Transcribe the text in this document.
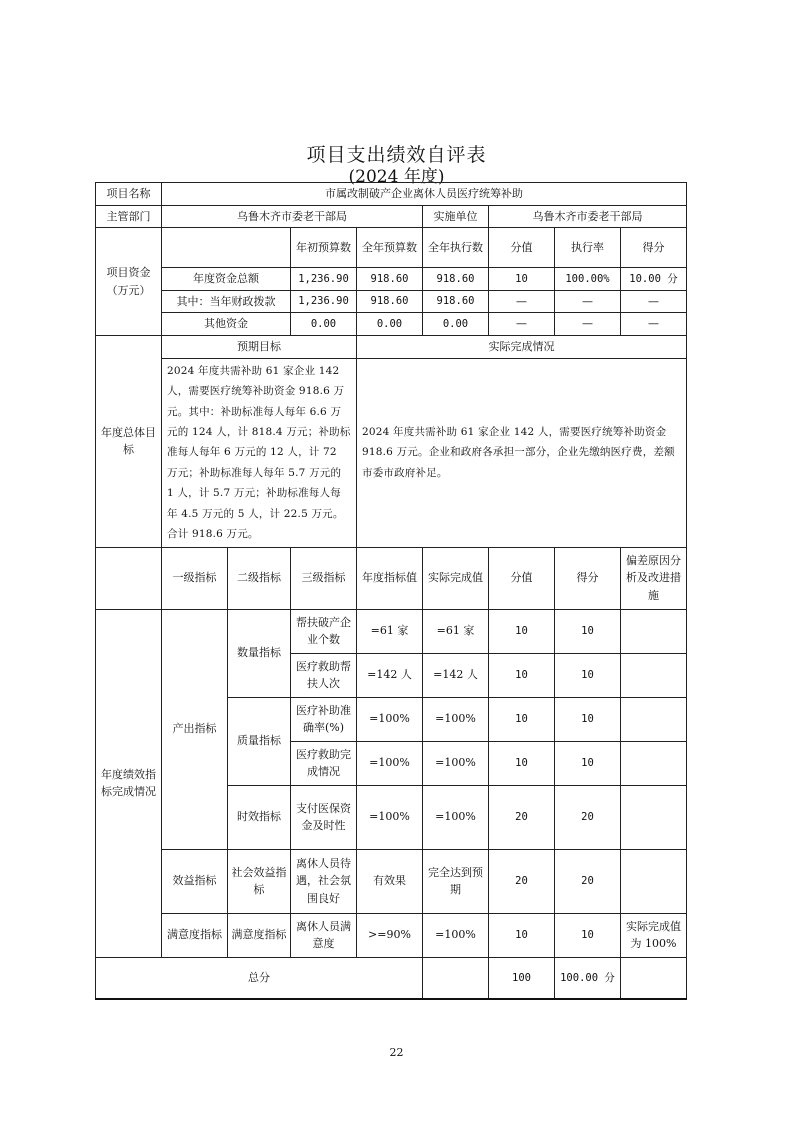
项目支出绩效自评表
(2024 年度)
项目名称	市属改制破产企业离休人员医疗统筹补助							
主管部门	乌鲁木齐市委老干部局				实施单位	乌鲁木齐市委老干部局		
项目资金（万元）			年初预算数	全年预算数	全年执行数	分值	执行率	得分
	年度资金总额		1,236.90	918.60	918.60	10	100.00%	10.00 分
	其中：当年财政拨款		1,236.90	918.60	918.60	—	—	—
	其他资金		0.00	0.00	0.00	—	—	—
年度总体目标	预期目标			实际完成情况				
	2024 年度共需补助 61 家企业 142 人，需要医疗统筹补助资金 918.6 万元。其中：补助标准每人每年 6.6 万元的 124 人，计 818.4 万元；补助标准每人每年 6 万元的 12 人，计 72 万元；补助标准每人每年 5.7 万元的 1 人，计 5.7 万元；补助标准每人每年 4.5 万元的 5 人，计 22.5 万元。合计 918.6 万元。			2024 年度共需补助 61 家企业 142 人，需要医疗统筹补助资金 918.6 万元。企业和政府各承担一部分，企业先缴纳医疗费，差额市委市政府补足。				
	一级指标	二级指标	三级指标	年度指标值	实际完成值	分值	得分	偏差原因分析及改进措施
年度绩效指标完成情况	产出指标	数量指标	帮扶破产企业个数	=61 家	=61 家	10	10	
			医疗救助帮扶人次	=142 人	=142 人	10	10	
		质量指标	医疗补助准确率(%)	=100%	=100%	10	10	
			医疗救助完成情况	=100%	=100%	10	10	
		时效指标	支付医保资金及时性	=100%	=100%	20	20	
	效益指标	社会效益指标	离休人员待遇，社会氛围良好	有效果	完全达到预期	20	20	
	满意度指标	满意度指标	离休人员满意度	>=90%	=100%	10	10	实际完成值为 100%
总分						100	100.00 分	
22
